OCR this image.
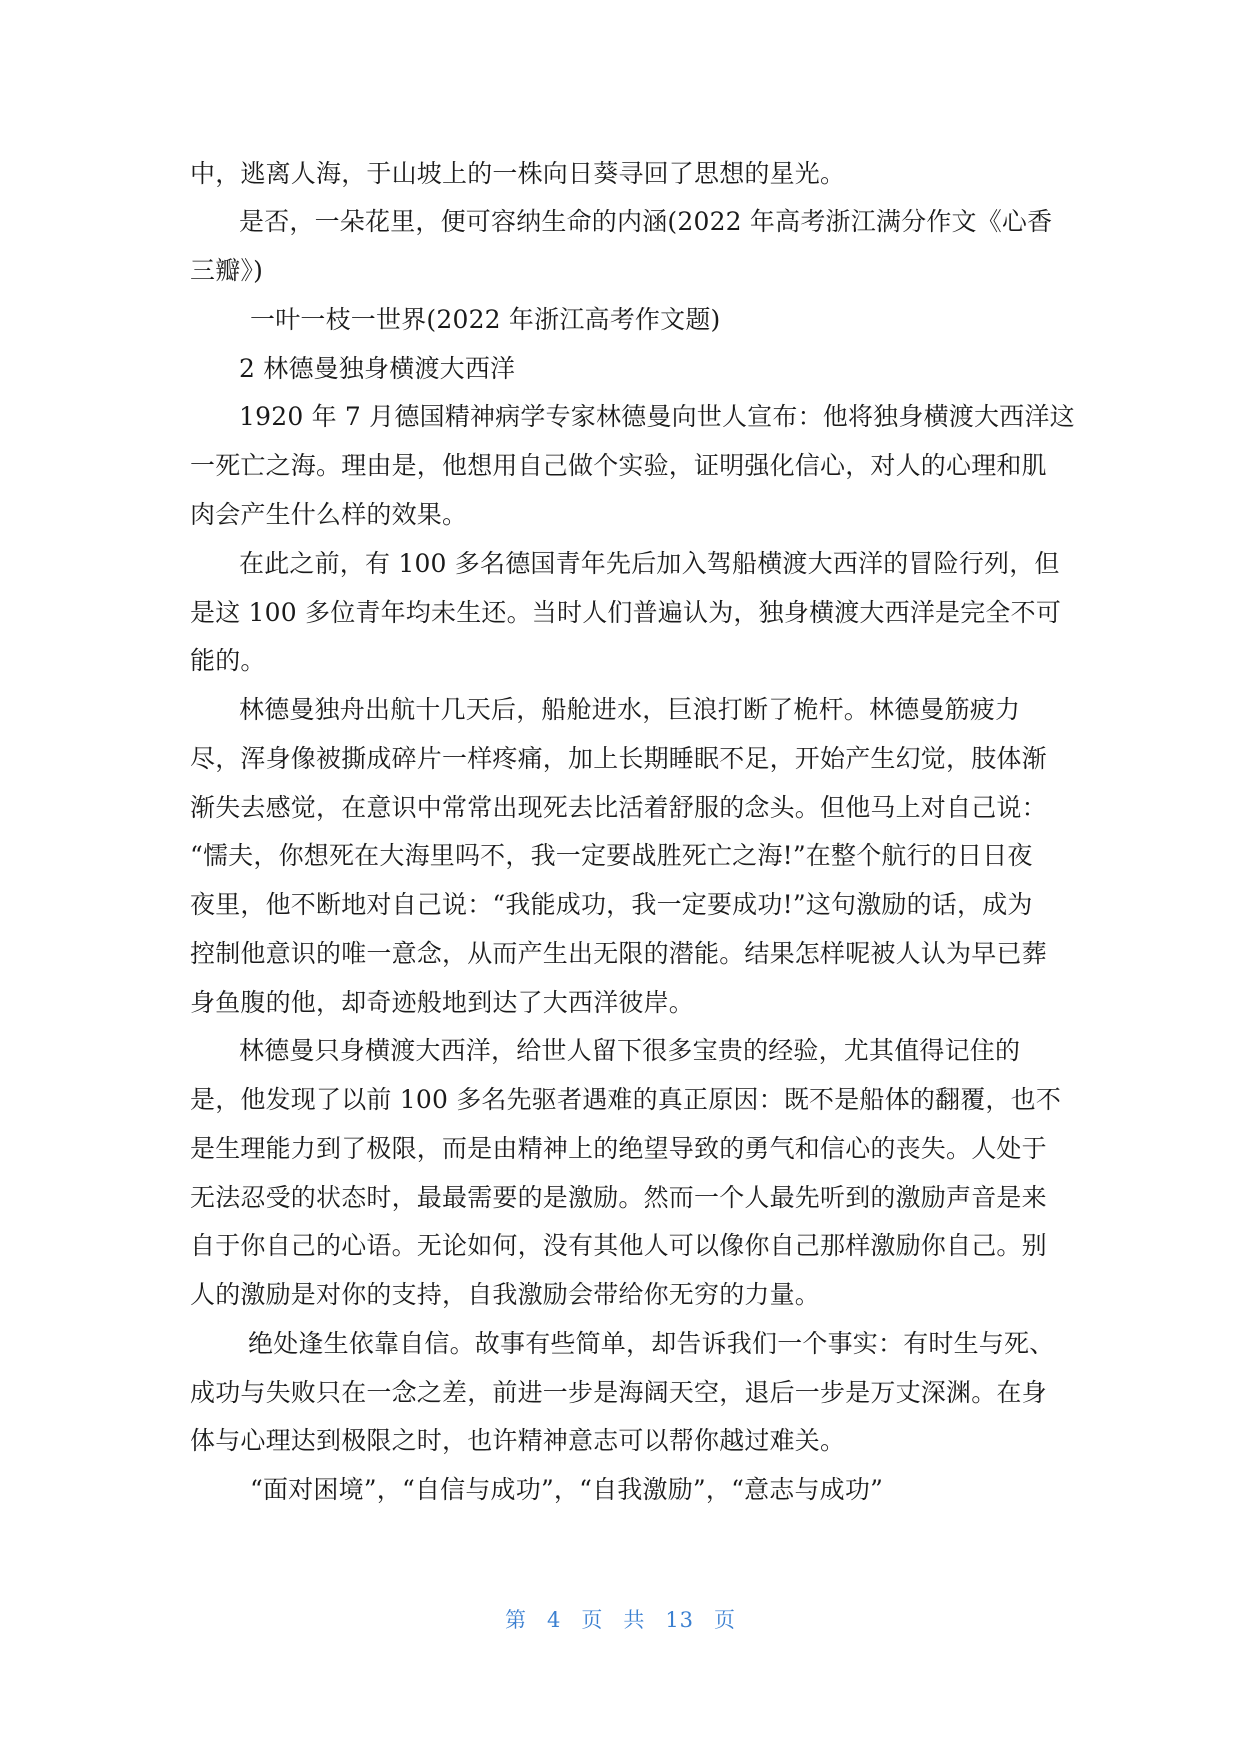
中，逃离人海，于山坡上的一株向日葵寻回了思想的星光。
是否，一朵花里，便可容纳生命的内涵(2022 年高考浙江满分作文《心香
三瓣》)
一叶一枝一世界(2022 年浙江高考作文题)
2 林德曼独身横渡大西洋
1920 年 7 月德国精神病学专家林德曼向世人宣布：他将独身横渡大西洋这
一死亡之海。理由是，他想用自己做个实验，证明强化信心，对人的心理和肌
肉会产生什么样的效果。
在此之前，有 100 多名德国青年先后加入驾船横渡大西洋的冒险行列，但
是这 100 多位青年均未生还。当时人们普遍认为，独身横渡大西洋是完全不可
能的。
林德曼独舟出航十几天后，船舱进水，巨浪打断了桅杆。林德曼筋疲力
尽，浑身像被撕成碎片一样疼痛，加上长期睡眠不足，开始产生幻觉，肢体渐
渐失去感觉，在意识中常常出现死去比活着舒服的念头。但他马上对自己说：
“懦夫，你想死在大海里吗不，我一定要战胜死亡之海!”在整个航行的日日夜
夜里，他不断地对自己说：“我能成功，我一定要成功!”这句激励的话，成为
控制他意识的唯一意念，从而产生出无限的潜能。结果怎样呢被人认为早已葬
身鱼腹的他，却奇迹般地到达了大西洋彼岸。
林德曼只身横渡大西洋，给世人留下很多宝贵的经验，尤其值得记住的
是，他发现了以前 100 多名先驱者遇难的真正原因：既不是船体的翻覆，也不
是生理能力到了极限，而是由精神上的绝望导致的勇气和信心的丧失。人处于
无法忍受的状态时，最最需要的是激励。然而一个人最先听到的激励声音是来
自于你自己的心语。无论如何，没有其他人可以像你自己那样激励你自己。别
人的激励是对你的支持，自我激励会带给你无穷的力量。
绝处逢生依靠自信。故事有些简单，却告诉我们一个事实：有时生与死、
成功与失败只在一念之差，前进一步是海阔天空，退后一步是万丈深渊。在身
体与心理达到极限之时，也许精神意志可以帮你越过难关。
“面对困境”，“自信与成功”，“自我激励”，“意志与成功”
第 4 页 共 13 页
